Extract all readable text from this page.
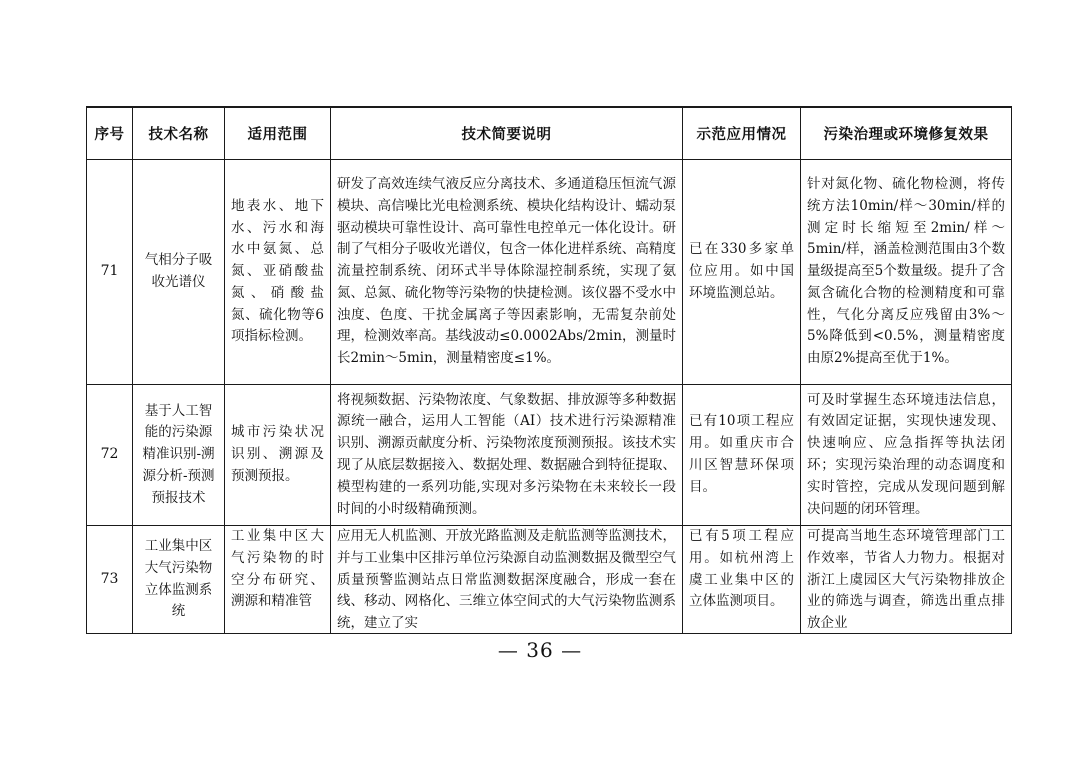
序号	技术名称	适用范围	技术简要说明	示范应用情况	污染治理或环境修复效果

71	气相分子吸收光谱仪	地表水、地下水、污水和海水中氨氮、总氮、亚硝酸盐氮、硝酸盐氮、硫化物等6项指标检测。	研发了高效连续气液反应分离技术、多通道稳压恒流气源模块、高信噪比光电检测系统、模块化结构设计、蠕动泵驱动模块可靠性设计、高可靠性电控单元一体化设计。研制了气相分子吸收光谱仪，包含一体化进样系统、高精度流量控制系统、闭环式半导体除湿控制系统，实现了氨氮、总氮、硫化物等污染物的快捷检测。该仪器不受水中浊度、色度、干扰金属离子等因素影响，无需复杂前处理，检测效率高。基线波动≤0.0002Abs/2min，测量时长2min～5min，测量精密度≤1%。	已在330多家单位应用。如中国环境监测总站。	针对氮化物、硫化物检测，将传统方法10min/样～30min/样的测定时长缩短至2min/样～5min/样，涵盖检测范围由3个数量级提高至5个数量级。提升了含氮含硫化合物的检测精度和可靠性，气化分离反应残留由3%～5%降低到<0.5%，测量精密度由原2%提高至优于1%。

72	基于人工智能的污染源精准识别-溯源分析-预测预报技术	城市污染状况识别、溯源及预测预报。	将视频数据、污染物浓度、气象数据、排放源等多种数据源统一融合，运用人工智能（AI）技术进行污染源精准识别、溯源贡献度分析、污染物浓度预测预报。该技术实现了从底层数据接入、数据处理、数据融合到特征提取、模型构建的一系列功能,实现对多污染物在未来较长一段时间的小时级精确预测。	已有10项工程应用。如重庆市合川区智慧环保项目。	可及时掌握生态环境违法信息，有效固定证据，实现快速发现、快速响应、应急指挥等执法闭环；实现污染治理的动态调度和实时管控，完成从发现问题到解决问题的闭环管理。

73	工业集中区大气污染物立体监测系统	工业集中区大气污染物的时空分布研究、溯源和精准管	应用无人机监测、开放光路监测及走航监测等监测技术，并与工业集中区排污单位污染源自动监测数据及微型空气质量预警监测站点日常监测数据深度融合，形成一套在线、移动、网格化、三维立体空间式的大气污染物监测系统，建立了实	已有5项工程应用。如杭州湾上虞工业集中区的立体监测项目。	可提高当地生态环境管理部门工作效率，节省人力物力。根据对浙江上虞园区大气污染物排放企业的筛选与调查，筛选出重点排放企业
— 36 —
